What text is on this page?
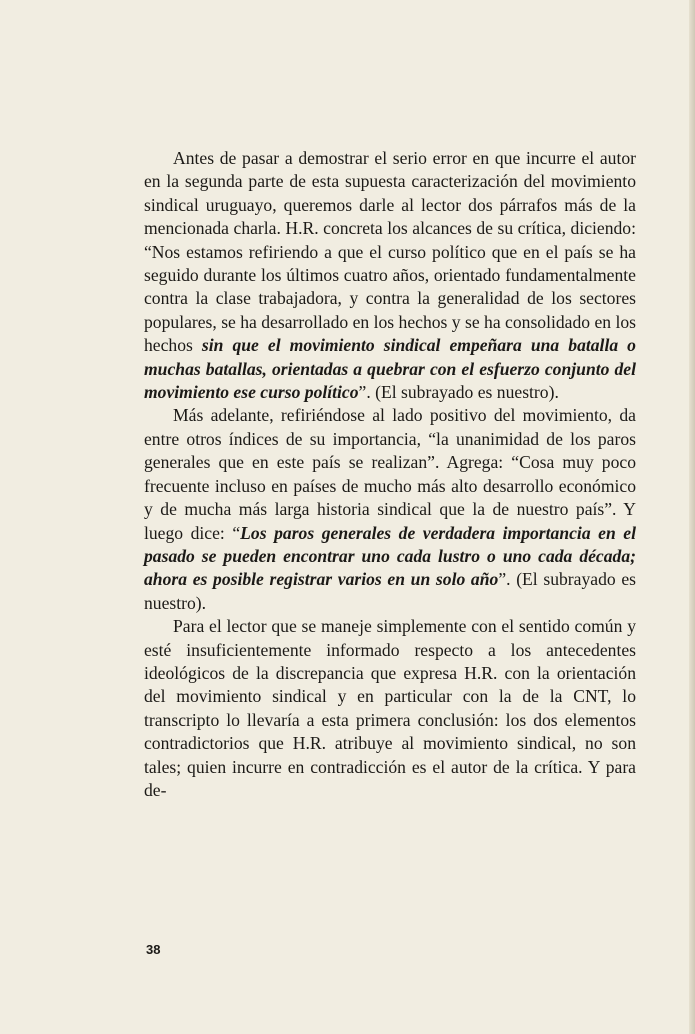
Antes de pasar a demostrar el serio error en que incurre el autor en la segunda parte de esta supuesta caracterización del movimiento sindical uruguayo, queremos darle al lector dos párrafos más de la mencionada charla. H.R. concreta los alcances de su crítica, diciendo: “Nos estamos refiriendo a que el curso político que en el país se ha seguido durante los últimos cuatro años, orientado fundamentalmente contra la clase trabajadora, y contra la generalidad de los sectores populares, se ha desarrollado en los hechos y se ha consolidado en los hechos sin que el movimiento sindical empeñara una batalla o muchas batallas, orientadas a quebrar con el esfuerzo conjunto del movimiento ese curso político”. (El subrayado es nuestro).

Más adelante, refiriéndose al lado positivo del movimiento, da entre otros índices de su importancia, “la unanimidad de los paros generales que en este país se realizan”. Agrega: “Cosa muy poco frecuente incluso en países de mucho más alto desarrollo económico y de mucha más larga historia sindical que la de nuestro país”. Y luego dice: “Los paros generales de verdadera importancia en el pasado se pueden encontrar uno cada lustro o uno cada década; ahora es posible registrar varios en un solo año”. (El subrayado es nuestro).

Para el lector que se maneje simplemente con el sentido común y esté insuficientemente informado respecto a los antecedentes ideológicos de la discrepancia que expresa H.R. con la orientación del movimiento sindical y en particular con la de la CNT, lo transcripto lo llevaría a esta primera conclusión: los dos elementos contradictorios que H.R. atribuye al movimiento sindical, no son tales; quien incurre en contradicción es el autor de la crítica. Y para de-

38
